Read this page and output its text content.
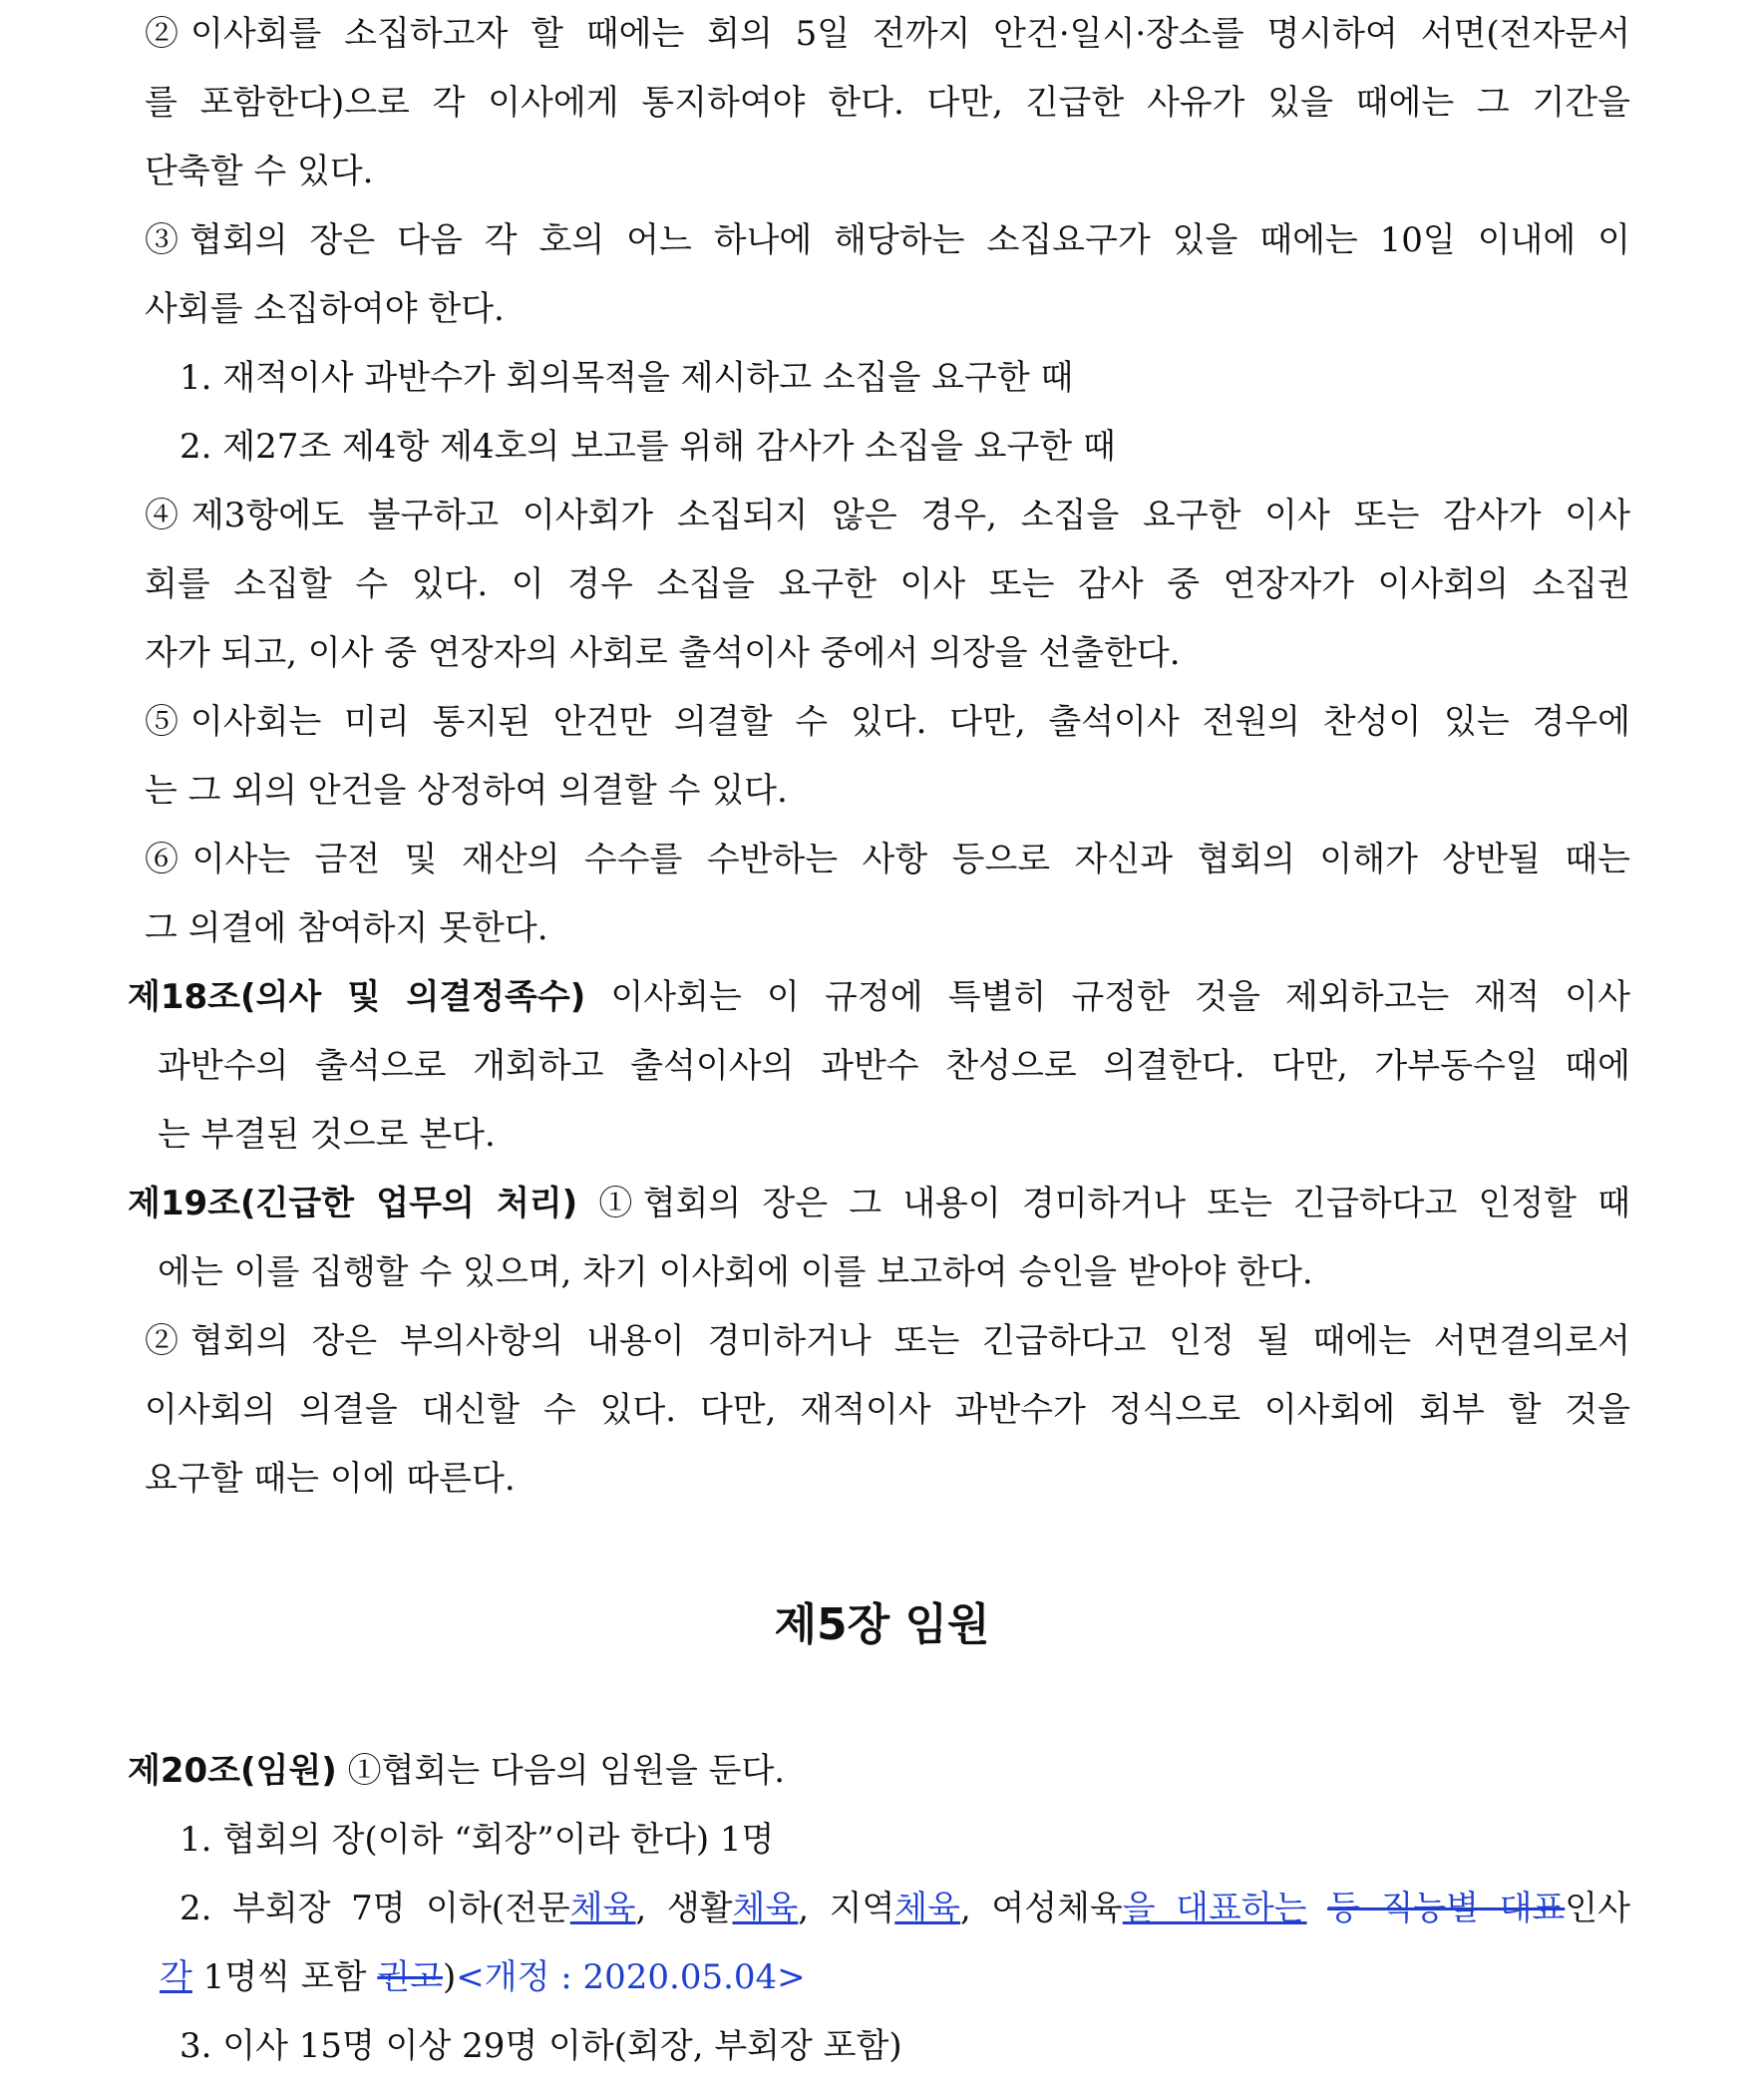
②이사회를 소집하고자 할 때에는 회의 5일 전까지 안건·일시·장소를 명시하여 서면(전자문서
를 포함한다)으로 각 이사에게 통지하여야 한다. 다만, 긴급한 사유가 있을 때에는 그 기간을
단축할 수 있다.
③협회의 장은 다음 각 호의 어느 하나에 해당하는 소집요구가 있을 때에는 10일 이내에 이
사회를 소집하여야 한다.
1. 재적이사 과반수가 회의목적을 제시하고 소집을 요구한 때
2. 제27조 제4항 제4호의 보고를 위해 감사가 소집을 요구한 때
④제3항에도 불구하고 이사회가 소집되지 않은 경우, 소집을 요구한 이사 또는 감사가 이사
회를 소집할 수 있다. 이 경우 소집을 요구한 이사 또는 감사 중 연장자가 이사회의 소집권
자가 되고, 이사 중 연장자의 사회로 출석이사 중에서 의장을 선출한다.
⑤이사회는 미리 통지된 안건만 의결할 수 있다. 다만, 출석이사 전원의 찬성이 있는 경우에
는 그 외의 안건을 상정하여 의결할 수 있다.
⑥이사는 금전 및 재산의 수수를 수반하는 사항 등으로 자신과 협회의 이해가 상반될 때는
그 의결에 참여하지 못한다.
제18조(의사 및 의결정족수) 이사회는 이 규정에 특별히 규정한 것을 제외하고는 재적 이사
과반수의 출석으로 개회하고 출석이사의 과반수 찬성으로 의결한다. 다만, 가부동수일 때에
는 부결된 것으로 본다.
제19조(긴급한 업무의 처리) ①협회의 장은 그 내용이 경미하거나 또는 긴급하다고 인정할 때
에는 이를 집행할 수 있으며, 차기 이사회에 이를 보고하여 승인을 받아야 한다.
②협회의 장은 부의사항의 내용이 경미하거나 또는 긴급하다고 인정 될 때에는 서면결의로서
이사회의 의결을 대신할 수 있다. 다만, 재적이사 과반수가 정식으로 이사회에 회부 할 것을
요구할 때는 이에 따른다.
제5장 임원
제20조(임원) ①협회는 다음의 임원을 둔다.
1. 협회의 장(이하 “회장”이라 한다) 1명
2. 부회장 7명 이하(전문체육, 생활체육, 지역체육, 여성체육을 대표하는 등 직능별 대표인사
각 1명씩 포함 권고)<개정 : 2020.05.04>
3. 이사 15명 이상 29명 이하(회장, 부회장 포함)
